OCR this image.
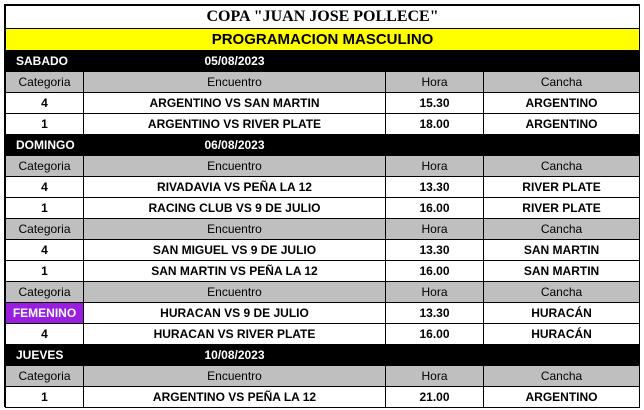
COPA "JUAN JOSE POLLECE"			
PROGRAMACION MASCULINO			
SABADO	05/08/2023		
Categoria	Encuentro	Hora	Cancha
4	ARGENTINO VS SAN MARTIN	15.30	ARGENTINO
1	ARGENTINO VS RIVER PLATE	18.00	ARGENTINO
DOMINGO	06/08/2023		
Categoria	Encuentro	Hora	Cancha
4	RIVADAVIA VS PEÑA LA 12	13.30	RIVER PLATE
1	RACING CLUB VS 9 DE JULIO	16.00	RIVER PLATE
Categoria	Encuentro	Hora	Cancha
4	SAN MIGUEL VS 9 DE JULIO	13.30	SAN MARTIN
1	SAN MARTIN VS PEÑA LA 12	16.00	SAN MARTIN
Categoria	Encuentro	Hora	Cancha
FEMENINO	HURACAN VS 9 DE JULIO	13.30	HURACÁN
4	HURACAN VS RIVER PLATE	16.00	HURACÁN
JUEVES	10/08/2023		
Categoria	Encuentro	Hora	Cancha
1	ARGENTINO VS PEÑA LA 12	21.00	ARGENTINO
